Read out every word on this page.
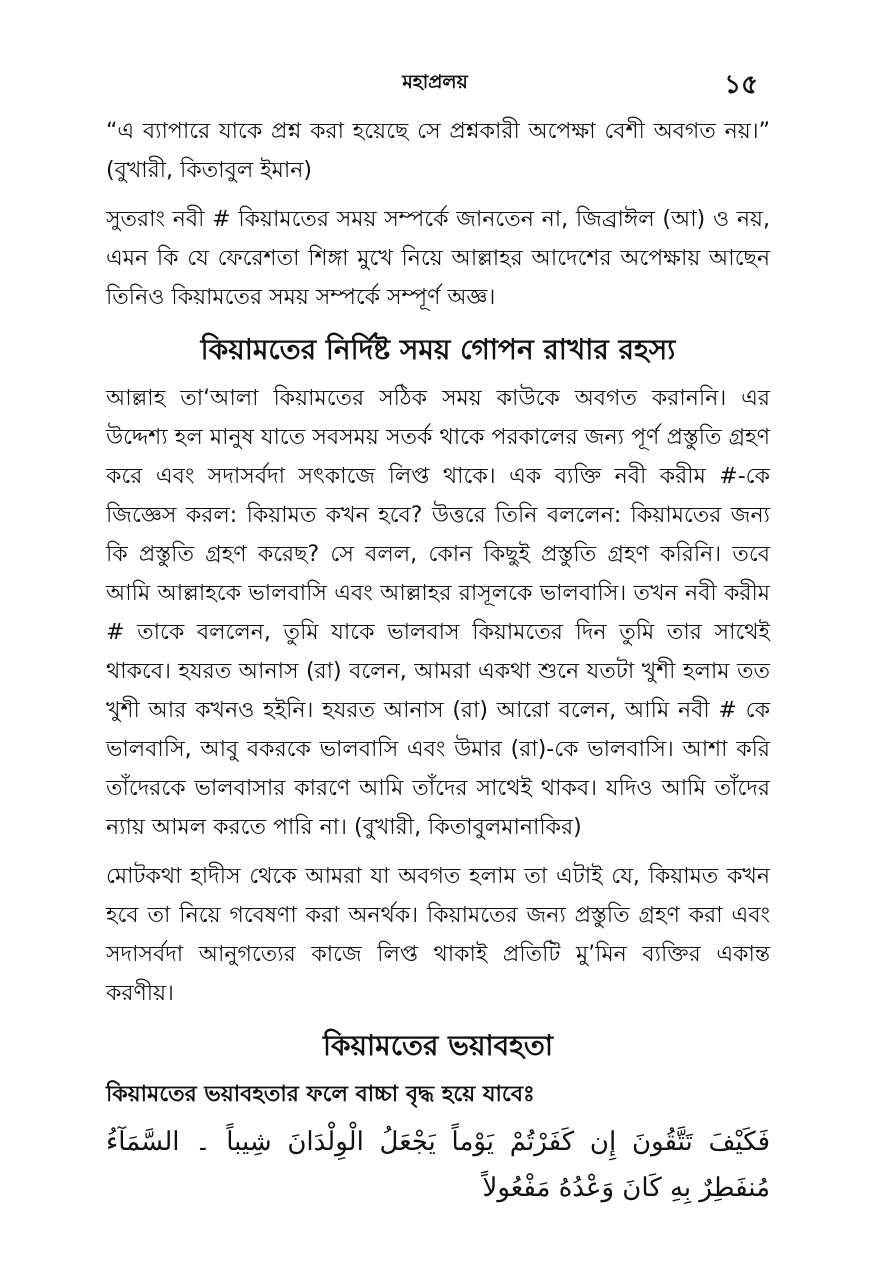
মহাপ্রলয়	১৫

“এ ব্যাপারে যাকে প্রশ্ন করা হয়েছে সে প্রশ্নকারী অপেক্ষা বেশী অবগত নয়।” (বুখারী, কিতাবুল ইমান)

সুতরাং নবী # কিয়ামতের সময় সম্পর্কে জানতেন না, জিব্রাঈল (আ) ও নয়, এমন কি যে ফেরেশতা শিঙ্গা মুখে নিয়ে আল্লাহর আদেশের অপেক্ষায় আছেন তিনিও কিয়ামতের সময় সম্পর্কে সম্পূর্ণ অজ্ঞ।

কিয়ামতের নির্দিষ্ট সময় গোপন রাখার রহস্য

আল্লাহ তা‘আলা কিয়ামতের সঠিক সময় কাউকে অবগত করাননি। এর উদ্দেশ্য হল মানুষ যাতে সবসময় সতর্ক থাকে পরকালের জন্য পূর্ণ প্রস্তুতি গ্রহণ করে এবং সদাসর্বদা সৎকাজে লিপ্ত থাকে। এক ব্যক্তি নবী করীম #-কে জিজ্ঞেস করল: কিয়ামত কখন হবে? উত্তরে তিনি বললেন: কিয়ামতের জন্য কি প্রস্তুতি গ্রহণ করেছ? সে বলল, কোন কিছুই প্রস্তুতি গ্রহণ করিনি। তবে আমি আল্লাহকে ভালবাসি এবং আল্লাহর রাসূলকে ভালবাসি। তখন নবী করীম # তাকে বললেন, তুমি যাকে ভালবাস কিয়ামতের দিন তুমি তার সাথেই থাকবে। হযরত আনাস (রা) বলেন, আমরা একথা শুনে যতটা খুশী হলাম তত খুশী আর কখনও হইনি। হযরত আনাস (রা) আরো বলেন, আমি নবী # কে ভালবাসি, আবু বকরকে ভালবাসি এবং উমার (রা)-কে ভালবাসি। আশা করি তাঁদেরকে ভালবাসার কারণে আমি তাঁদের সাথেই থাকব। যদিও আমি তাঁদের ন্যায় আমল করতে পারি না। (বুখারী, কিতাবুলমানাকির)

মোটকথা হাদীস থেকে আমরা যা অবগত হলাম তা এটাই যে, কিয়ামত কখন হবে তা নিয়ে গবেষণা করা অনর্থক। কিয়ামতের জন্য প্রস্তুতি গ্রহণ করা এবং সদাসর্বদা আনুগত্যের কাজে লিপ্ত থাকাই প্রতিটি মু’মিন ব্যক্তির একান্ত করণীয়।

কিয়ামতের ভয়াবহতা
কিয়ামতের ভয়াবহতার ফলে বাচ্চা বৃদ্ধ হয়ে যাবেঃ
فَكَيْفَ تَتَّقُونَ إِن كَفَرْتُمْ يَوْماً يَجْعَلُ الْوِلْدَانَ شِيباً ۔ السَّمَآءُ مُنفَطِرٌ بِهِ كَانَ وَعْدُهُ مَفْعُولاً
